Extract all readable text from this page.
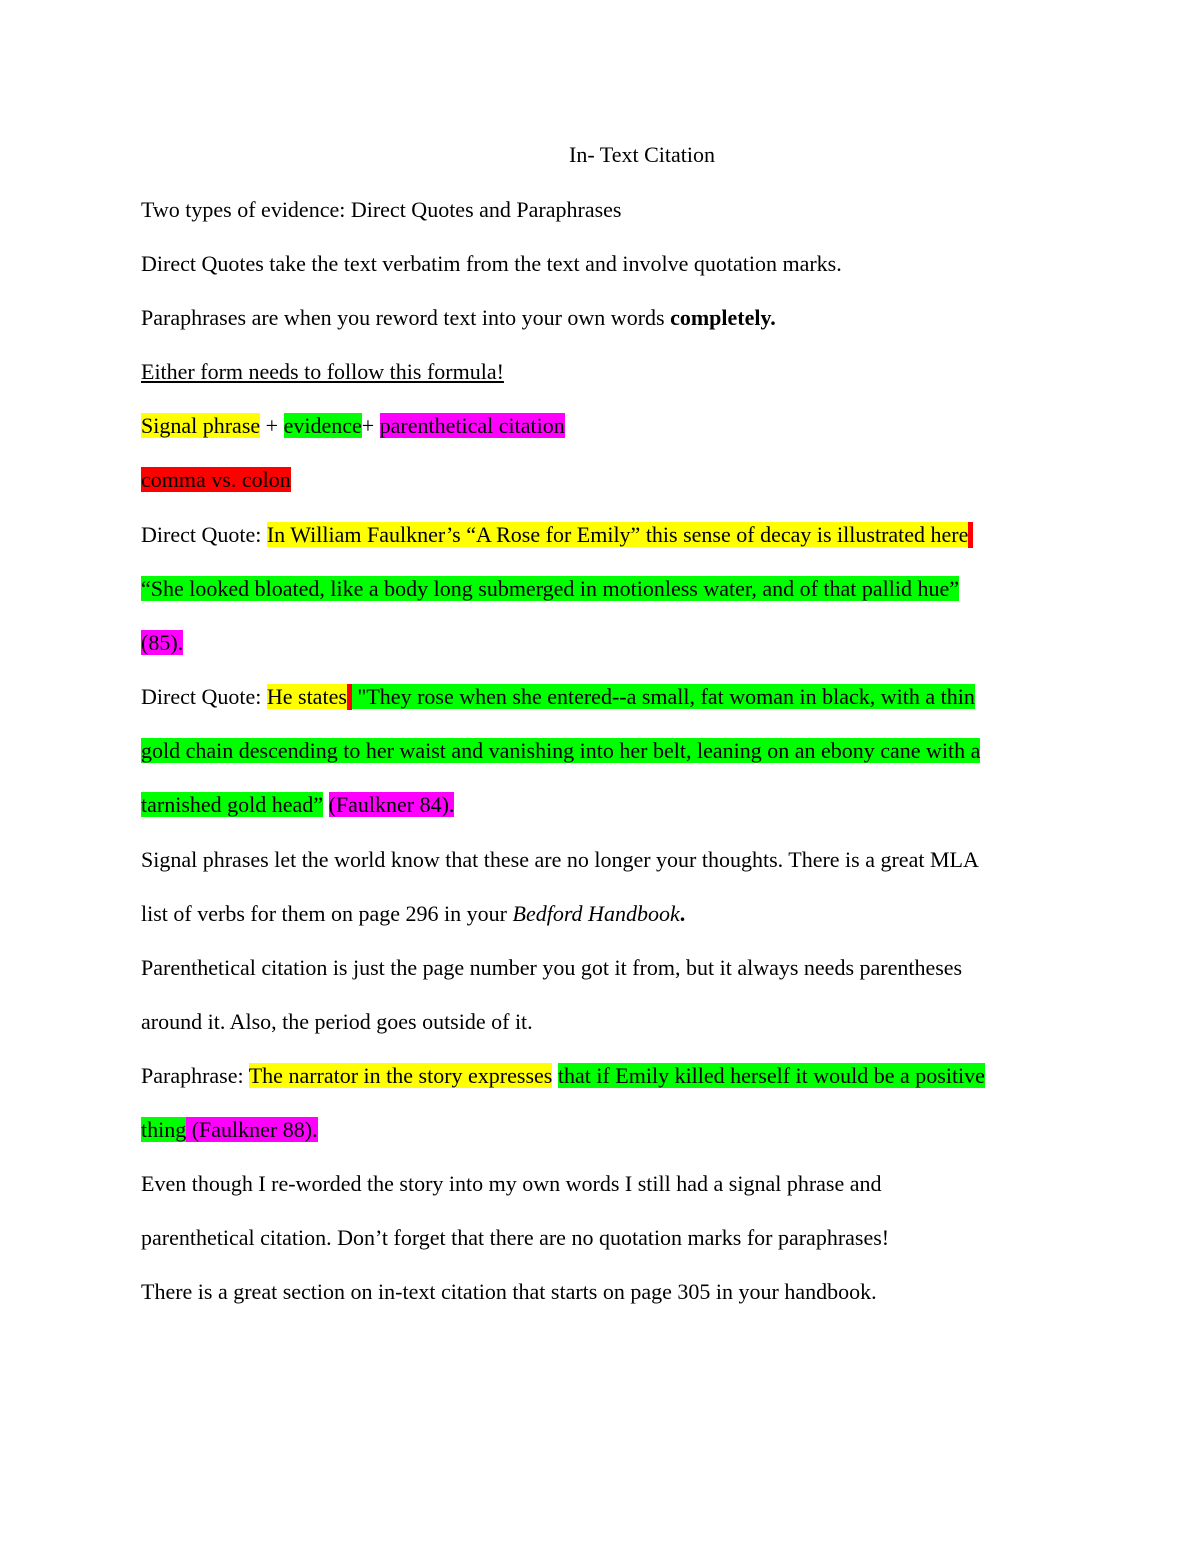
In- Text Citation
Two types of evidence: Direct Quotes and Paraphrases
Direct Quotes take the text verbatim from the text and involve quotation marks.
Paraphrases are when you reword text into your own words completely.
Either form needs to follow this formula!
Signal phrase + evidence+ parenthetical citation
comma vs. colon
Direct Quote: In William Faulkner’s “A Rose for Emily” this sense of decay is illustrated here
“She looked bloated, like a body long submerged in motionless water, and of that pallid hue”
(85).
Direct Quote: He states "They rose when she entered--a small, fat woman in black, with a thin
gold chain descending to her waist and vanishing into her belt, leaning on an ebony cane with a
tarnished gold head” (Faulkner 84).
Signal phrases let the world know that these are no longer your thoughts. There is a great MLA
list of verbs for them on page 296 in your Bedford Handbook.
Parenthetical citation is just the page number you got it from, but it always needs parentheses
around it. Also, the period goes outside of it.
Paraphrase: The narrator in the story expresses that if Emily killed herself it would be a positive
thing (Faulkner 88).
Even though I re-worded the story into my own words I still had a signal phrase and
parenthetical citation. Don’t forget that there are no quotation marks for paraphrases!
There is a great section on in-text citation that starts on page 305 in your handbook.
